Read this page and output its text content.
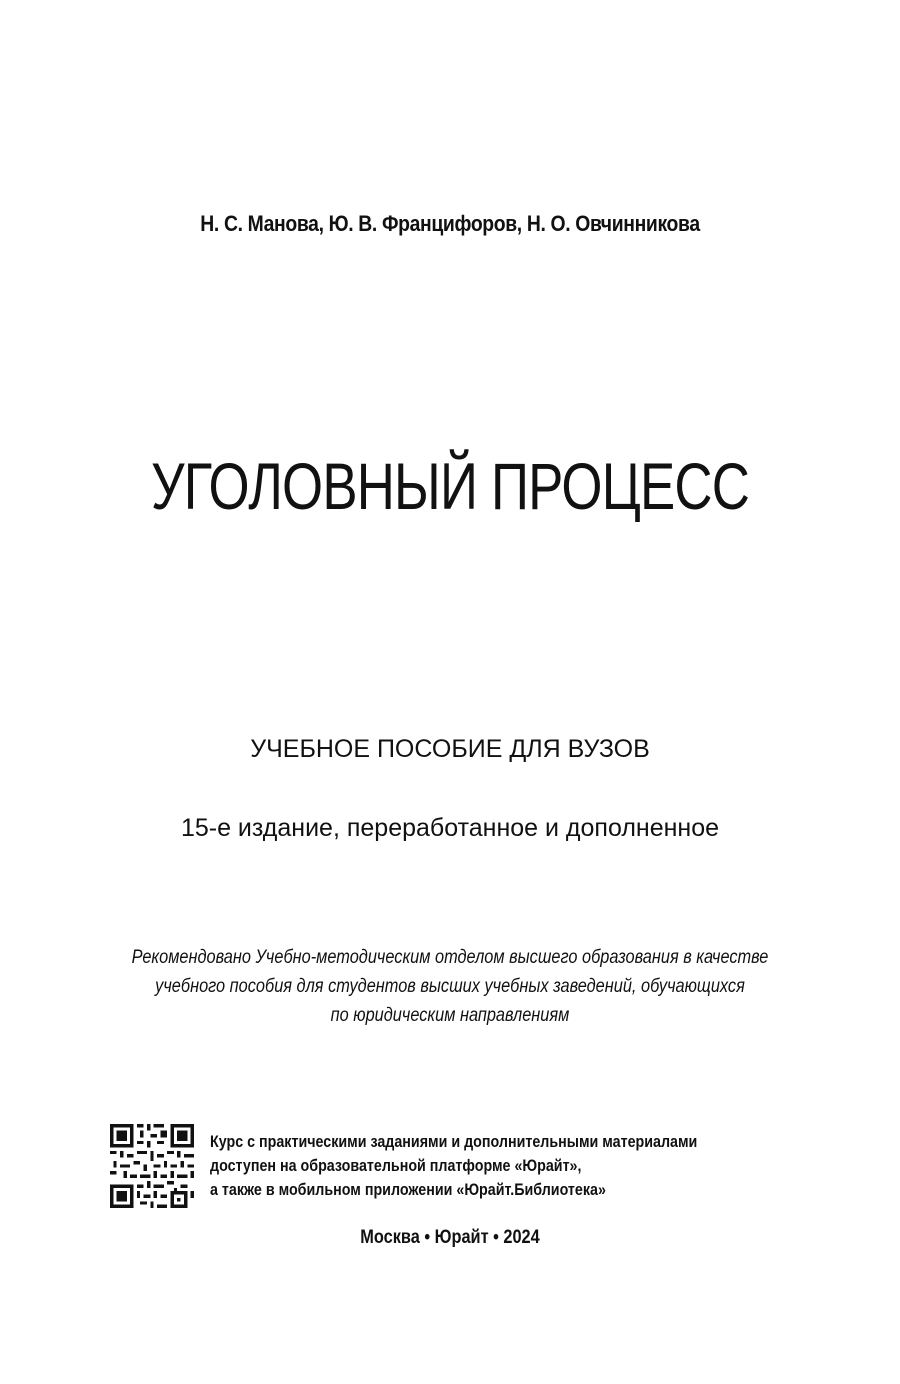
Н. С. Манова, Ю. В. Францифоров, Н. О. Овчинникова
УГОЛОВНЫЙ ПРОЦЕСС
УЧЕБНОЕ ПОСОБИЕ ДЛЯ ВУЗОВ
15-е издание, переработанное и дополненное
Рекомендовано Учебно-методическим отделом высшего образования в качестве
учебного пособия для студентов высших учебных заведений, обучающихся
по юридическим направлениям
Курс с практическими заданиями и дополнительными материалами
доступен на образовательной платформе «Юрайт»,
а также в мобильном приложении «Юрайт.Библиотека»
Москва • Юрайт • 2024
